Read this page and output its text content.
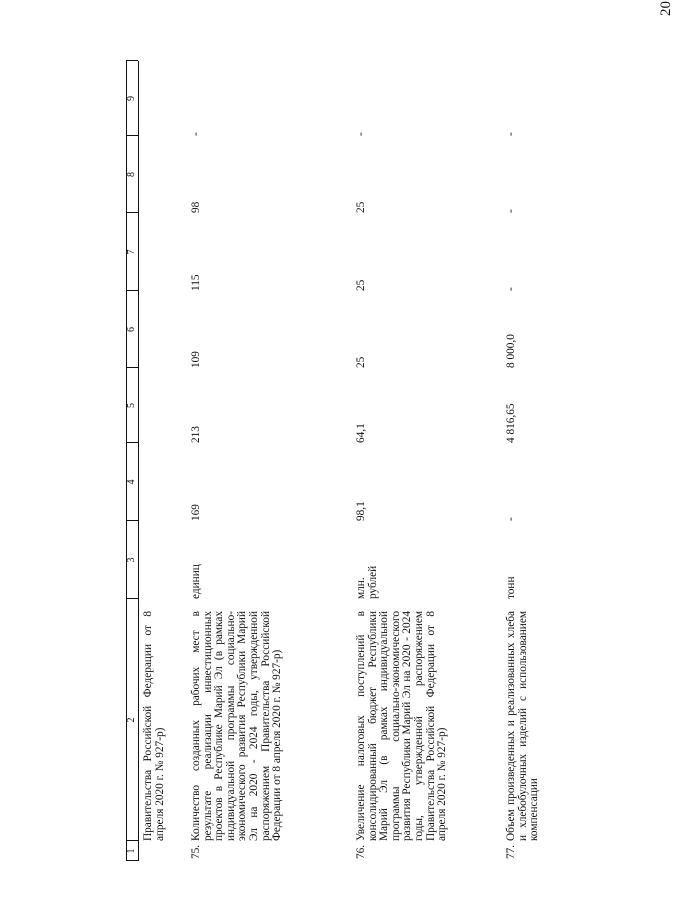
20
1
2
3
4
5
6
7
8
9

Правительства Российской Федерации от 8 апреля 2020 г. № 927-р)

75.

Количество созданных рабочих мест в результате реализации инвестиционных проектов в Республике Марий Эл (в рамках индивидуальной программы социально-экономического развития Республики Марий Эл на 2020 - 2024 годы, утвержденной распоряжением Правительства Российской Федерации от 8 апреля 2020 г. № 927-р)

единиц
169
213
109
115
98
-
76.

Увеличение налоговых поступлений в консолидированный бюджет Республики Марий Эл (в рамках индивидуальной программы социально-экономического развития Республики Марий Эл на 2020 - 2024 годы, утвержденной распоряжением Правительства Российской Федерации от 8 апреля 2020 г. № 927-р)

млн.
рублей
98,1
64,1
25
25
25
-
77.

Объем произведенных и реализованных хлеба и хлебобулочных изделий с использованием компенсации

тонн
-
4 816,65
8 000,0
-
-
-
